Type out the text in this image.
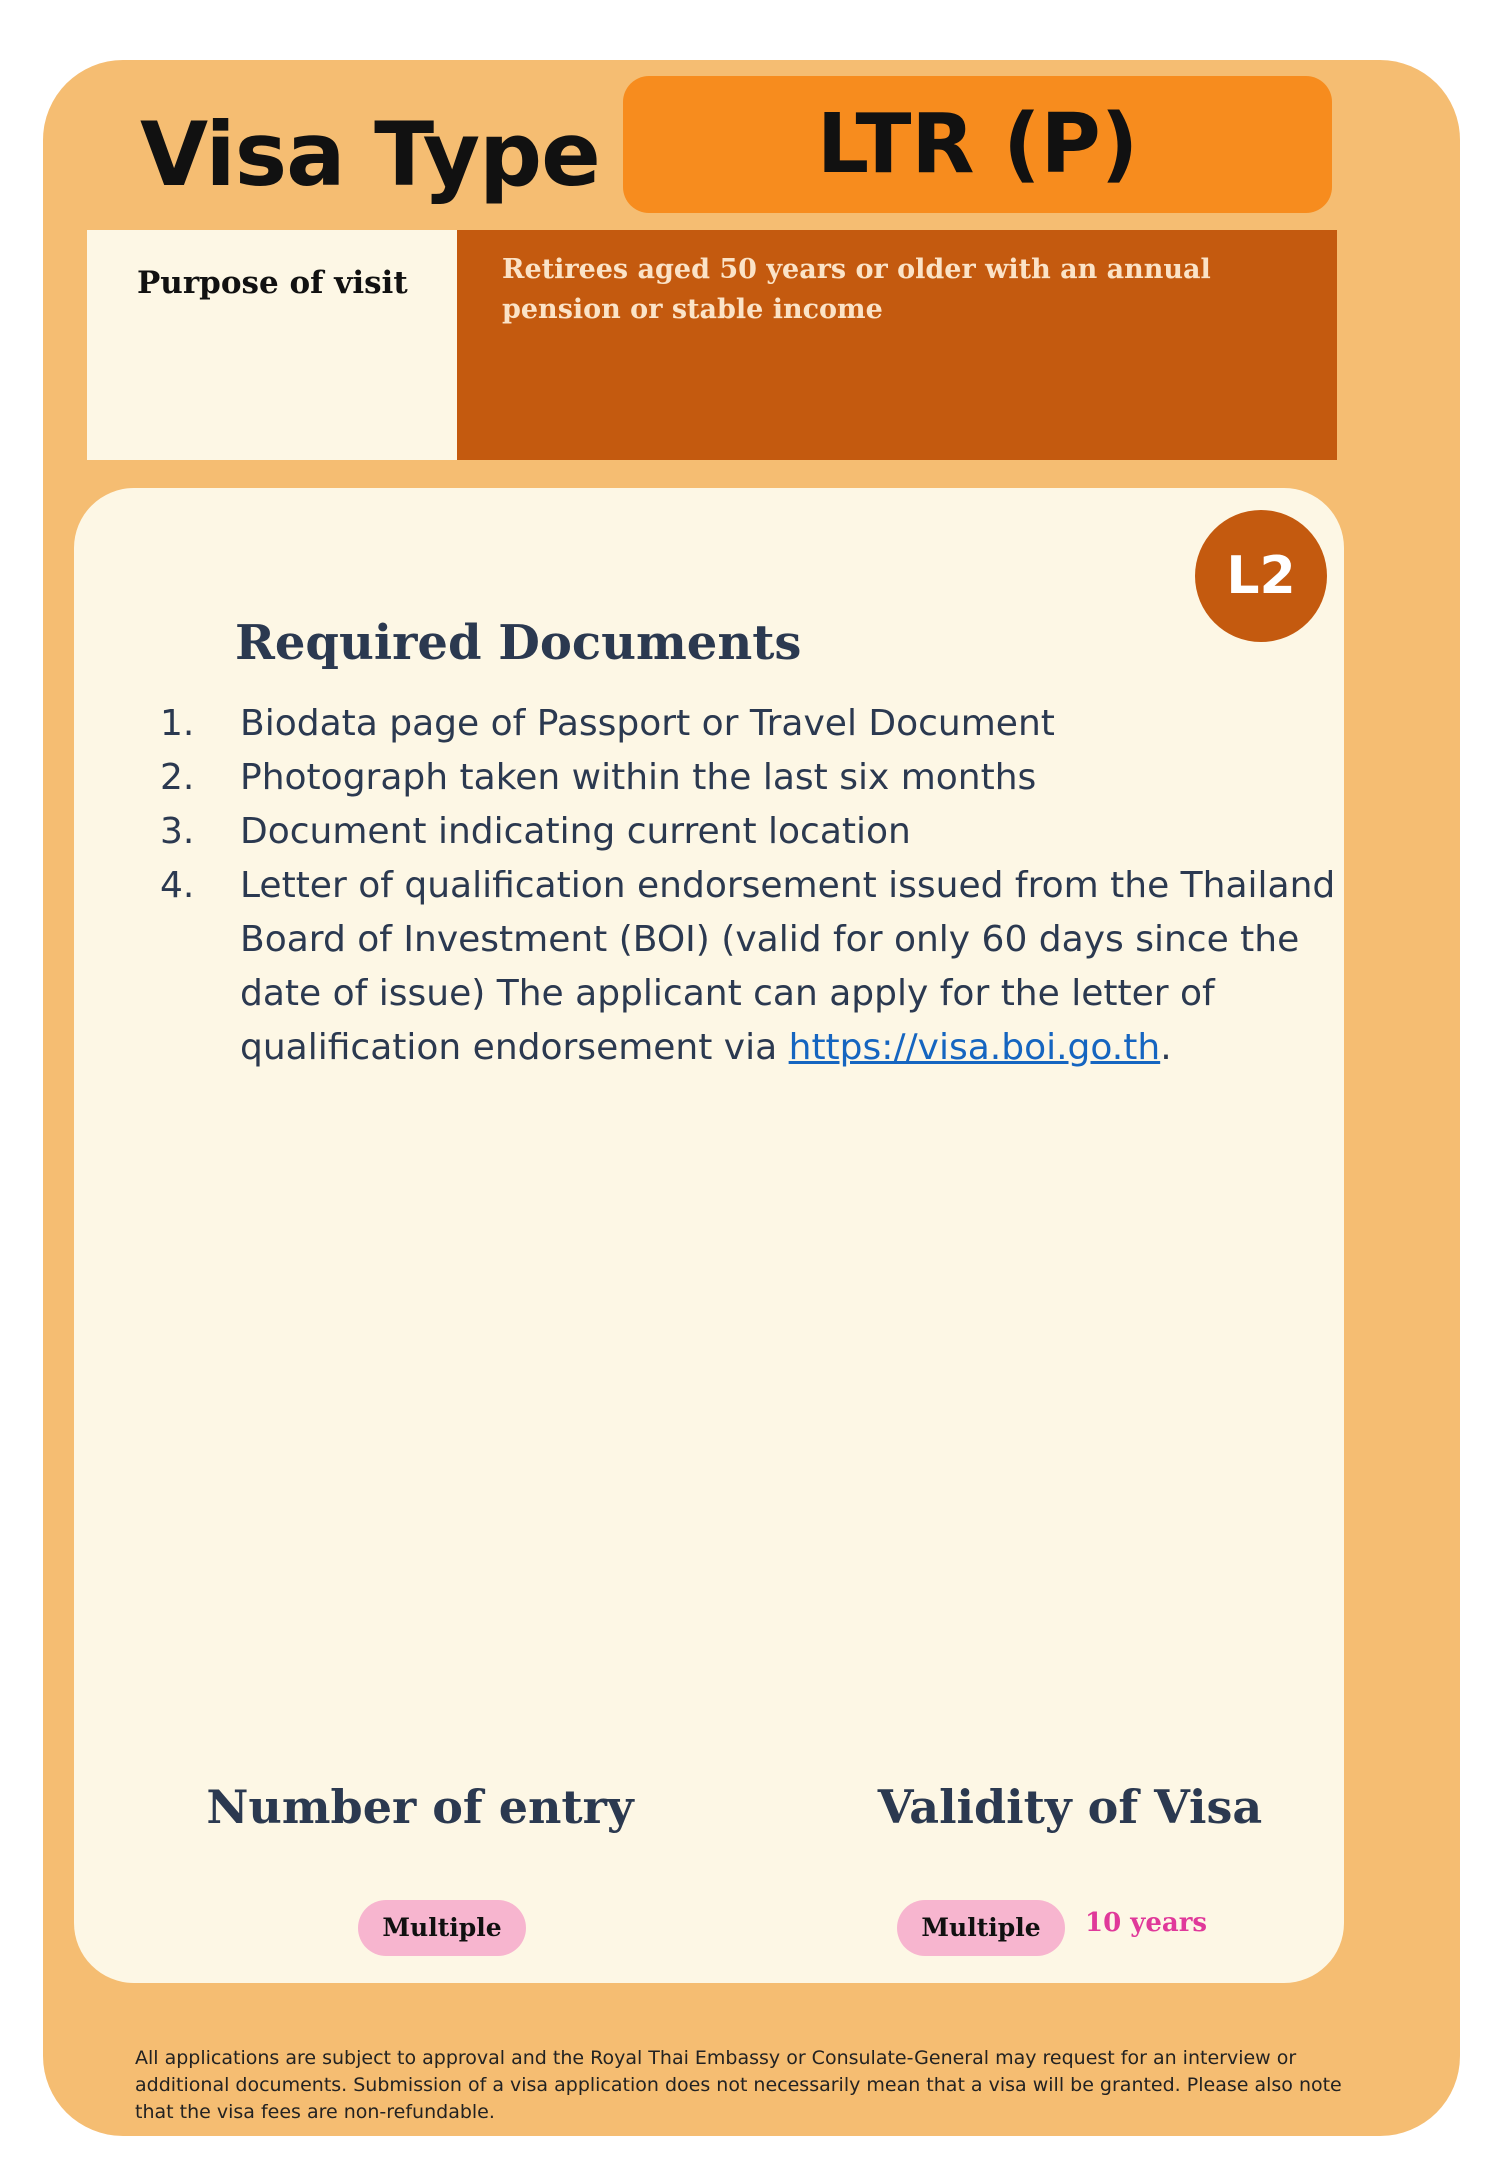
Visa Type	LTR (P)
Purpose of visit	Retirees aged 50 years or older with an annual pension or stable income
L2
Required Documents
1. Biodata page of Passport or Travel Document
2. Photograph taken within the last six months
3. Document indicating current location
4. Letter of qualification endorsement issued from the Thailand Board of Investment (BOI) (valid for only 60 days since the date of issue) The applicant can apply for the letter of qualification endorsement via https://visa.boi.go.th.
Number of entry	Validity of Visa
Multiple	Multiple	10 years
All applications are subject to approval and the Royal Thai Embassy or Consulate-General may request for an interview or additional documents. Submission of a visa application does not necessarily mean that a visa will be granted. Please also note that the visa fees are non-refundable.
